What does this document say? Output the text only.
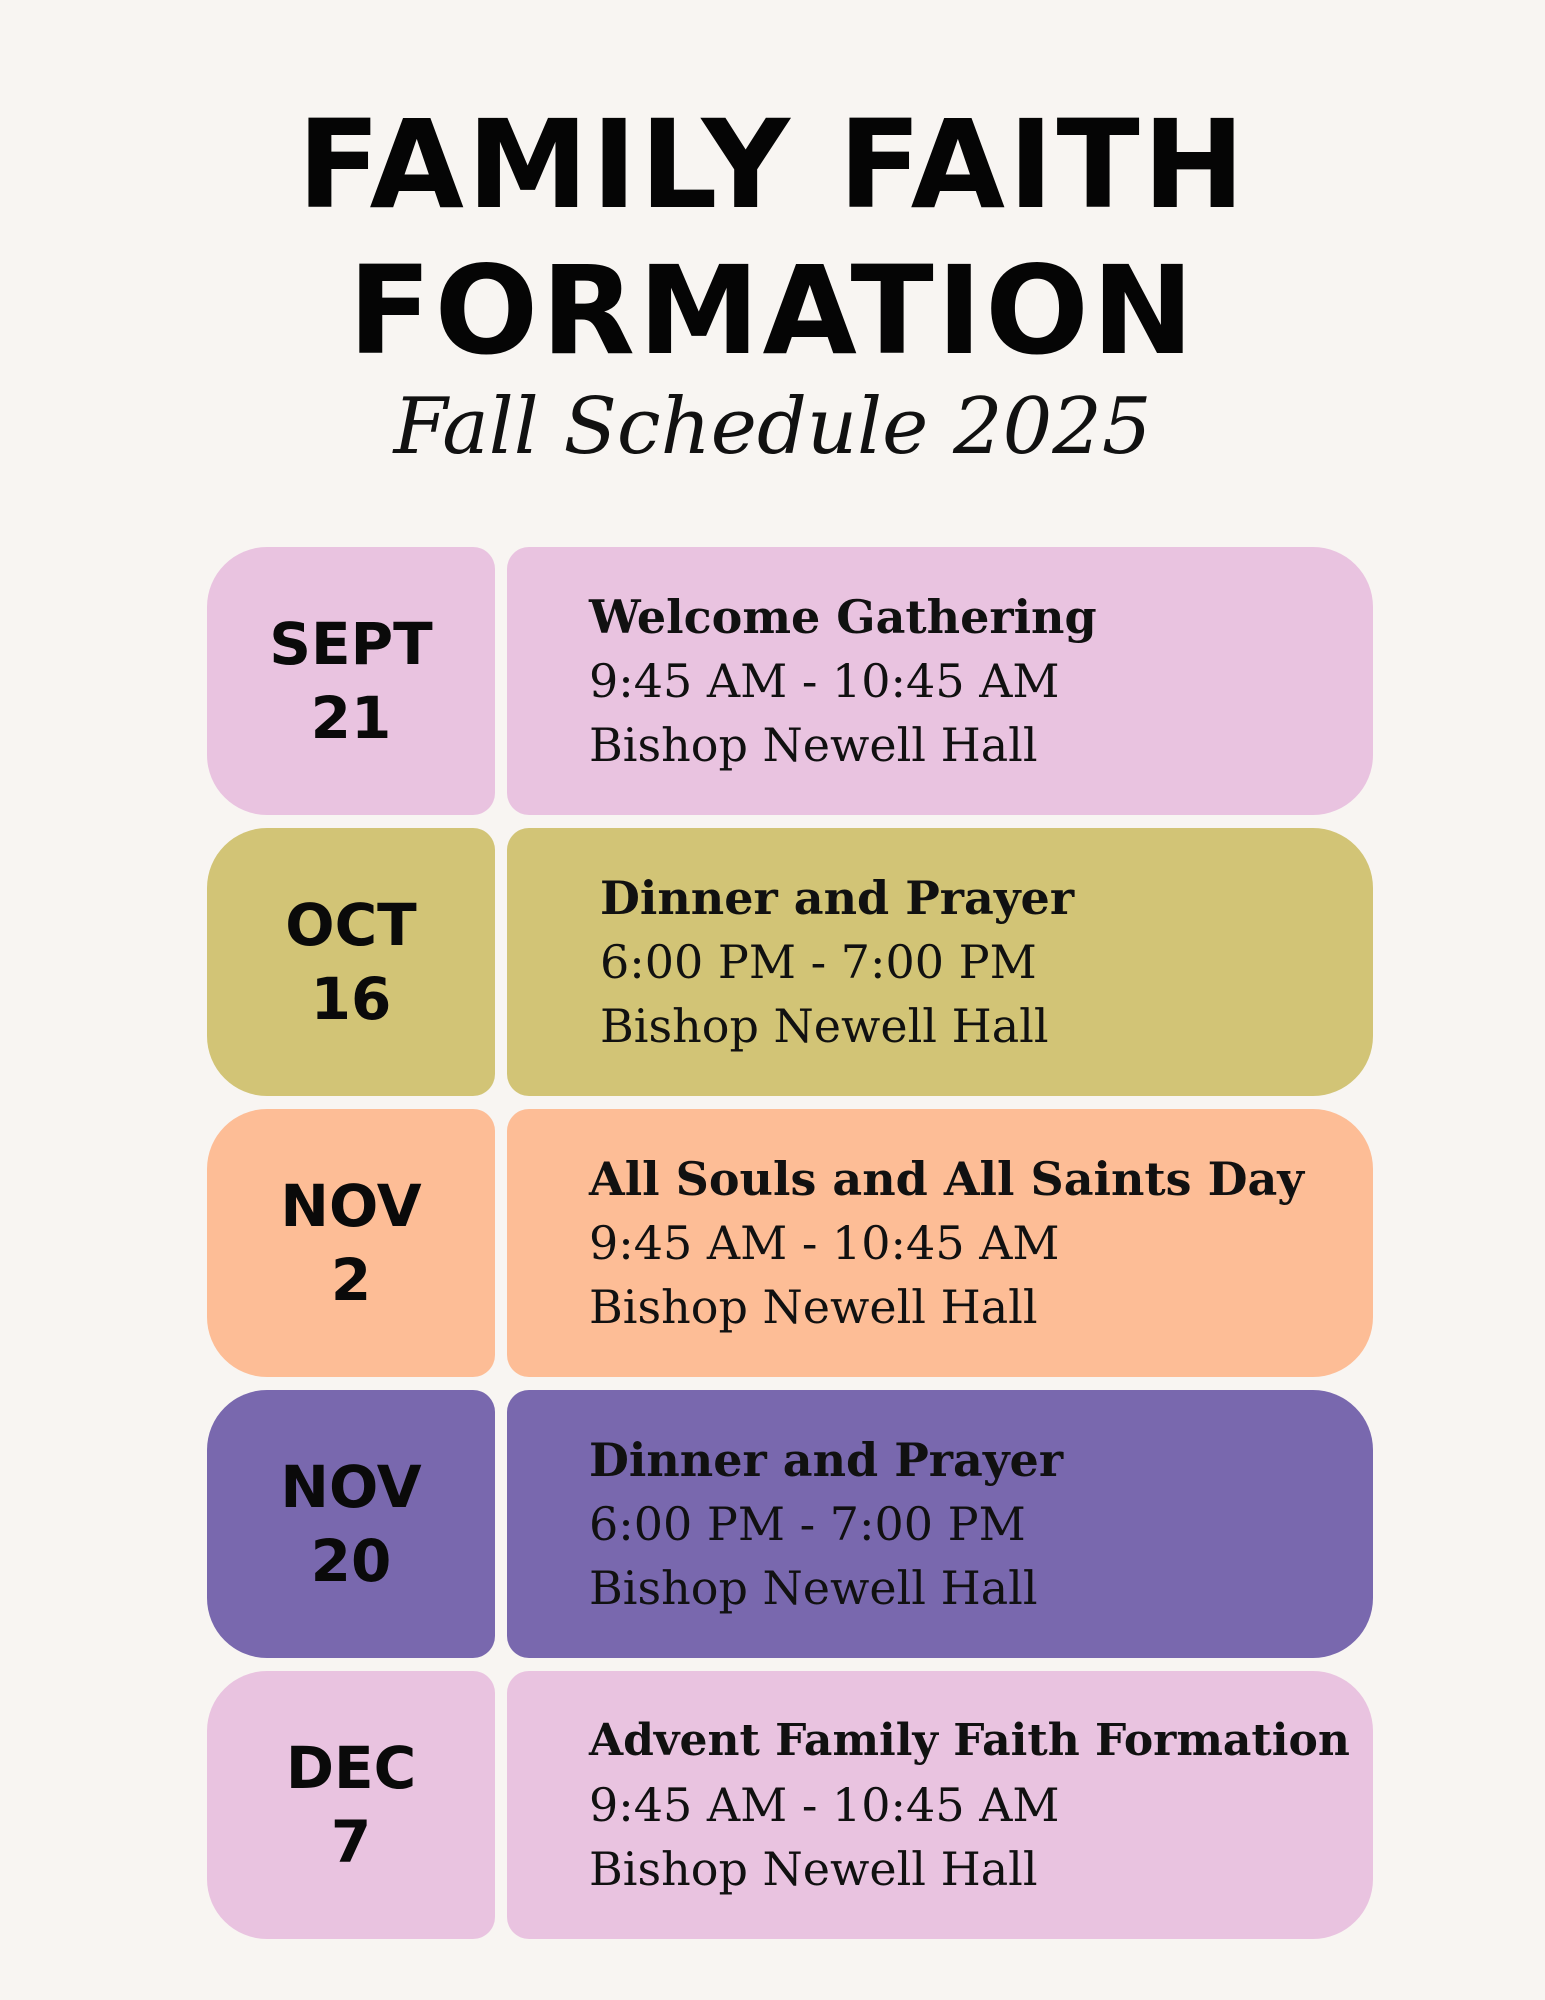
FAMILY FAITH
FORMATION

Fall Schedule 2025

SEPT
21
Welcome Gathering
9:45 AM - 10:45 AM
Bishop Newell Hall
OCT
16
Dinner and Prayer
6:00 PM - 7:00 PM
Bishop Newell Hall
NOV
2
All Souls and All Saints Day
9:45 AM - 10:45 AM
Bishop Newell Hall
NOV
20
Dinner and Prayer
6:00 PM - 7:00 PM
Bishop Newell Hall
DEC
7
Advent Family Faith Formation
9:45 AM - 10:45 AM
Bishop Newell Hall
